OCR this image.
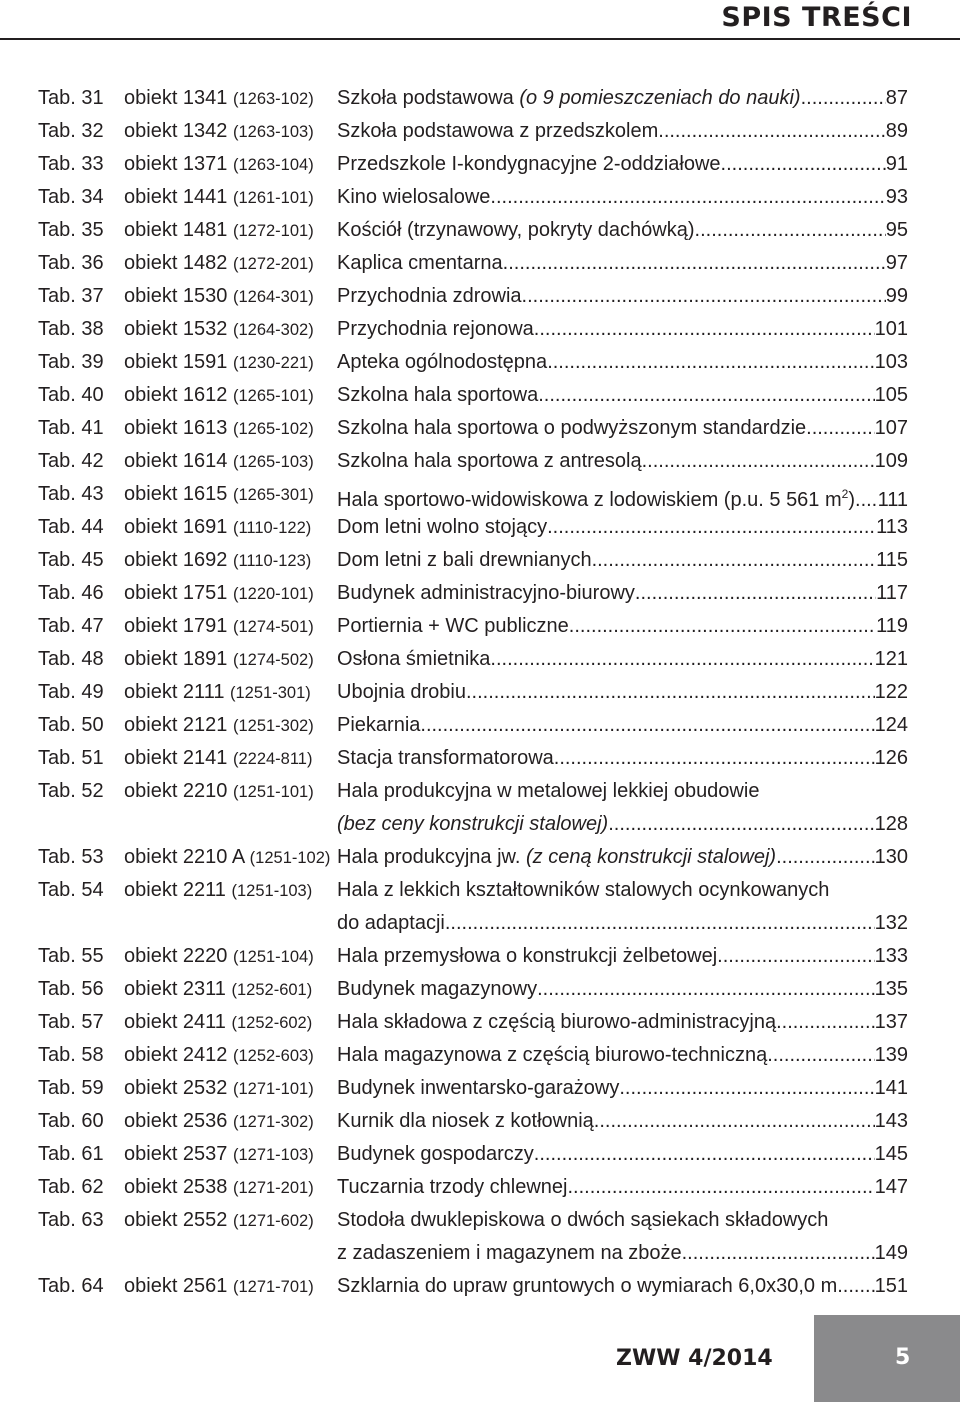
SPIS TREŚCI
Tab. 31 obiekt 1341 (1263-102) Szkoła podstawowa (o 9 pomieszczeniach do nauki) .....	87
Tab. 32 obiekt 1342 (1263-103) Szkoła podstawowa z przedszkolem .....	89
Tab. 33 obiekt 1371 (1263-104) Przedszkole I-kondygnacyjne 2-oddziałowe .....	91
Tab. 34 obiekt 1441 (1261-101) Kino wielosalowe .....	93
Tab. 35 obiekt 1481 (1272-101) Kościół (trzynawowy, pokryty dachówką) .....	95
Tab. 36 obiekt 1482 (1272-201) Kaplica cmentarna .....	97
Tab. 37 obiekt 1530 (1264-301) Przychodnia zdrowia .....	99
Tab. 38 obiekt 1532 (1264-302) Przychodnia rejonowa .....	101
Tab. 39 obiekt 1591 (1230-221) Apteka ogólnodostępna .....	103
Tab. 40 obiekt 1612 (1265-101) Szkolna hala sportowa .....	105
Tab. 41 obiekt 1613 (1265-102) Szkolna hala sportowa o podwyższonym standardzie .....	107
Tab. 42 obiekt 1614 (1265-103) Szkolna hala sportowa z antresolą .....	109
Tab. 43 obiekt 1615 (1265-301) Hala sportowo-widowiskowa z lodowiskiem (p.u. 5 561 $m^2$) ..... 111
Tab. 44 obiekt 1691 (1110-122) Dom letni wolno stojący .....	113
Tab. 45 obiekt 1692 (1110-123) Dom letni z bali drewnianych .....	115
Tab. 46 obiekt 1751 (1220-101) Budynek administracyjno-biurowy .....	117
Tab. 47 obiekt 1791 (1274-501) Portiernia + WC publiczne .....	119
Tab. 48 obiekt 1891 (1274-502) Osłona śmietnika .....	121
Tab. 49 obiekt 2111 (1251-301) Ubojnia drobiu .....	122
Tab. 50 obiekt 2121 (1251-302) Piekarnia .....	124
Tab. 51 obiekt 2141 (2224-811) Stacja transformatorowa .....	126
Tab. 52 obiekt 2210 (1251-101) Hala produkcyjna w metalowej lekkiej obudowie
(bez ceny konstrukcji stalowej) .....	128
Tab. 53 obiekt 2210 A (1251-102) Hala produkcyjna jw. (z ceną konstrukcji stalowej) .....	130
Tab. 54 obiekt 2211 (1251-103) Hala z lekkich kształtowników stalowych ocynkowanych
do adaptacji .....	132
Tab. 55 obiekt 2220 (1251-104) Hala przemysłowa o konstrukcji żelbetowej .....	133
Tab. 56 obiekt 2311 (1252-601) Budynek magazynowy .....	135
Tab. 57 obiekt 2411 (1252-602) Hala składowa z częścią biurowo-administracyjną .....	137
Tab. 58 obiekt 2412 (1252-603) Hala magazynowa z częścią biurowo-techniczną .....	139
Tab. 59 obiekt 2532 (1271-101) Budynek inwentarsko-garażowy .....	141
Tab. 60 obiekt 2536 (1271-302) Kurnik dla niosek z kotłownią .....	143
Tab. 61 obiekt 2537 (1271-103) Budynek gospodarczy .....	145
Tab. 62 obiekt 2538 (1271-201) Tuczarnia trzody chlewnej .....	147
Tab. 63 obiekt 2552 (1271-602) Stodoła dwuklepiskowa o dwóch sąsiekach składowych
z zadaszeniem i magazynem na zboże .....	149
Tab. 64 obiekt 2561 (1271-701) Szklarnia do upraw gruntowych o wymiarach 6,0x30,0 m ..... 151
ZWW 4/2014	5
